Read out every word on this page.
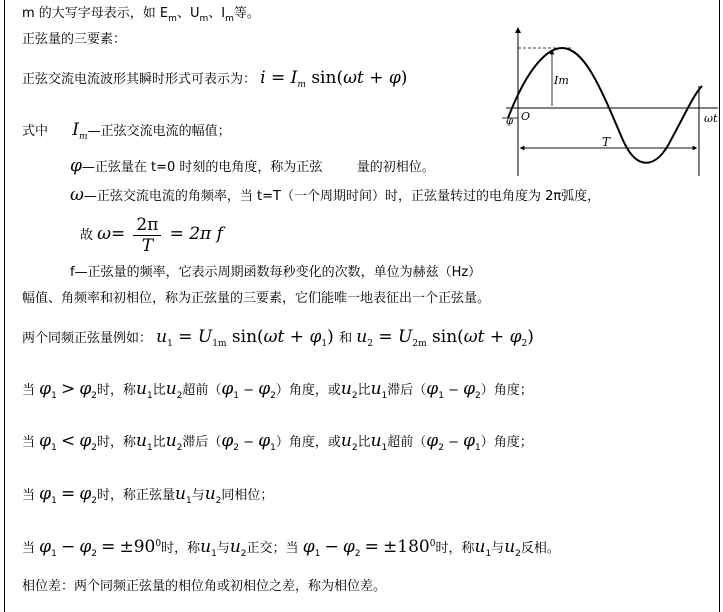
m 的大写字母表示，如 $E_m$、$U_m$、$I_m$等。
正弦量的三要素：
正弦交流电流波形其瞬时形式可表示为： $i = I_m$ sin(ωt + φ)
式中 $I_m—$正弦交流电流的幅值；
φ—正弦量在 t=0 时刻的电角度，称为正弦 　　 量的初相位。
ω—正弦交流电流的角频率，当 t=T（一个周期时间）时，正弦量转过的电角度为 2π弧度，
故 $\omega= \frac{2\pi}{T} = 2\pi$ f
f—正弦量的频率，它表示周期函数每秒变化的次数，单位为赫兹（Hz）
幅值、角频率和初相位，称为正弦量的三要素，它们能唯一地表征出一个正弦量。
两个同频正弦量例如： $u_1 = U_{1m}$ $\sin(\omega t + \varphi_1)$ 和 $u_2 = U_{2m}$ $\sin(\omega t + \varphi_2)$
当 $\varphi_1 > \varphi_2$时，称$u_1$比$u_2$超前$(\varphi_1 - \varphi_2)$角度，或$u_2$比$u_1$滞后$(\varphi_1 - \varphi_2)$角度；
当 $\varphi_1 < \varphi_2$时，称$u_1$比$u_2$滞后$(\varphi_2 - \varphi_1)$角度，或$u_2$比$u_1$超前$(\varphi_2 - \varphi_1)$角度；
当 $\varphi_1 = \varphi_2$时，称正弦量$u_1$与$u_2$同相位；
当 $\varphi_1 - \varphi_2 = \pm 90^0$时，称$u_1$与$u_2$正交；当 $\varphi_1 - \varphi_2 = \pm 180^0$时，称$u_1$与$u_2$反相。
相位差：两个同频正弦量的相位角或初相位之差，称为相位差。
Im
φ O
T
ωt
